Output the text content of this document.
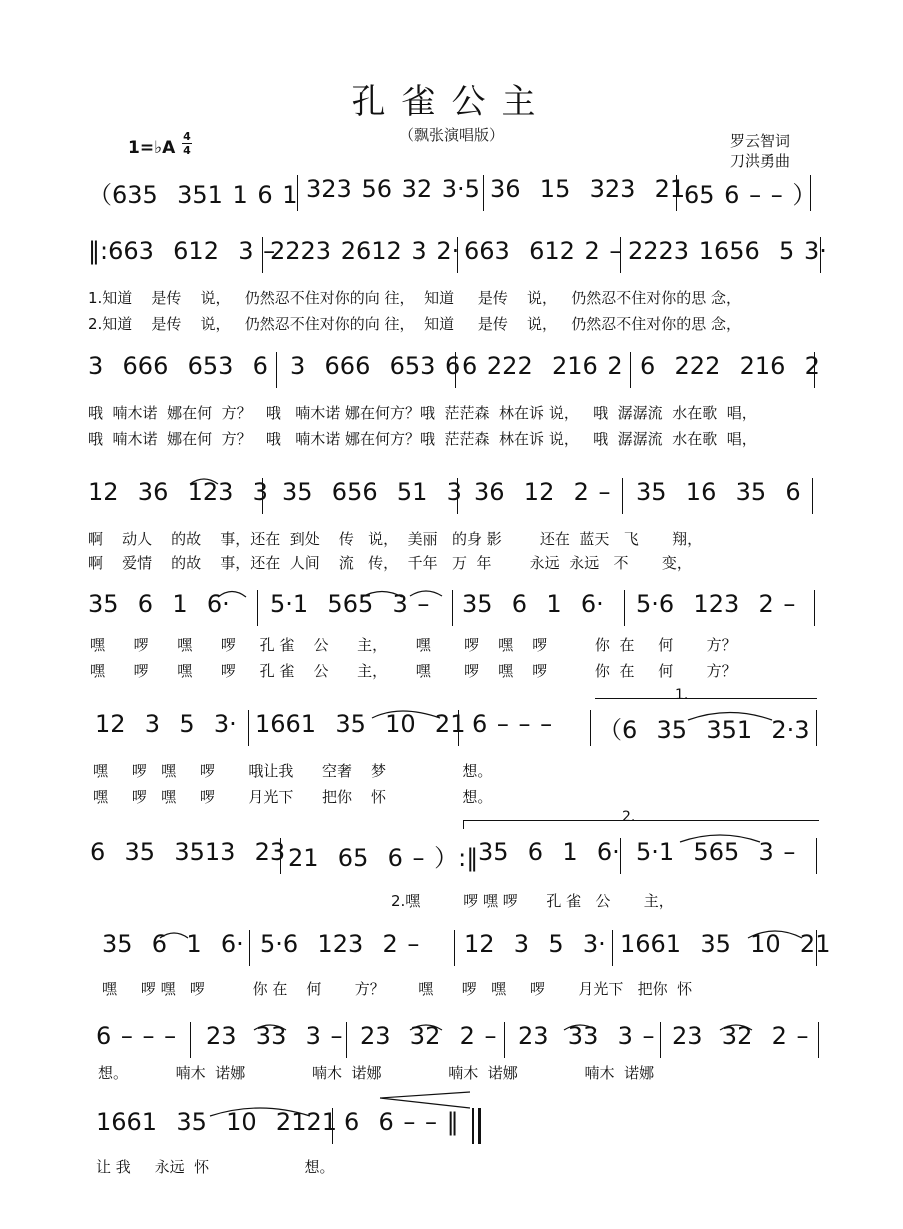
孔雀公主
（飘张演唱版）
1=♭A
4
4
罗云智词
刀洪勇曲

（635  351 1 6 1

323 56 32 3·5

36  15  323  21

65 6 – – ）

‖:663  612  3 –

2223 2612 3 2·

663  612 2 –

2223 1656  5 3·

1.知道    是传    说，   仍然忍不住对你的向 往，  知道     是传    说，   仍然忍不住对你的思 念，
2.知道    是传    说，   仍然忍不住对你的向 往，  知道     是传    说，   仍然忍不住对你的思 念，

3  666  653  6

3  666  653 6

6 222  216 2

6  222  216  2

哦  喃木诺  娜在何  方？   哦   喃木诺 娜在何方？哦  茫茫森  林在诉 说，   哦  潺潺流  水在歌  唱，
哦  喃木诺  娜在何  方？   哦   喃木诺 娜在何方？哦  茫茫森  林在诉 说，   哦  潺潺流  水在歌  唱，

12  36  123  3

35  656  51  3

36  12  2 –

35  16  35  6

啊    动人    的故    事，还在  到处    传   说，  美丽   的身 影        还在  蓝天   飞       翔，
啊    爱情    的故    事，还在  人间    流   传，  千年   万  年        永远  永远   不       变，

35  6  1  6·

5·1  565  3 –

35  6  1  6·

5·6  123  2 –

嘿      啰      嘿      啰     孔 雀    公      主，      嘿       啰    嘿    啰          你  在     何       方？
嘿      啰      嘿      啰     孔 雀    公      主，      嘿       啰    嘿    啰          你  在     何       方？
1.

12  3  5  3·

1661  35  10  21

6 – – –

（6  35  351  2·3

嘿     啰   嘿     啰       哦让我      空奢    梦                想。
嘿     啰   嘿     啰       月光下      把你    怀                想。
2.

6  35  3513  23

21  65  6 – ）:‖

35  6  1  6·

5·1  565  3 –

2.嘿         啰 嘿 啰      孔 雀   公       主，

35  6  1  6·

5·6  123  2 –

12  3  5  3·

1661  35  10  21

嘿     啰 嘿   啰          你 在    何       方？       嘿      啰   嘿     啰       月光下   把你  怀

6 – – –

23  33  3 –

23  32  2 –

23  33  3 –

23  32  2 –

想。          喃木  诺娜              喃木  诺娜              喃木  诺娜              喃木  诺娜

1661  35  10  2121

6  6 – – ‖

让 我     永远  怀                    想。
